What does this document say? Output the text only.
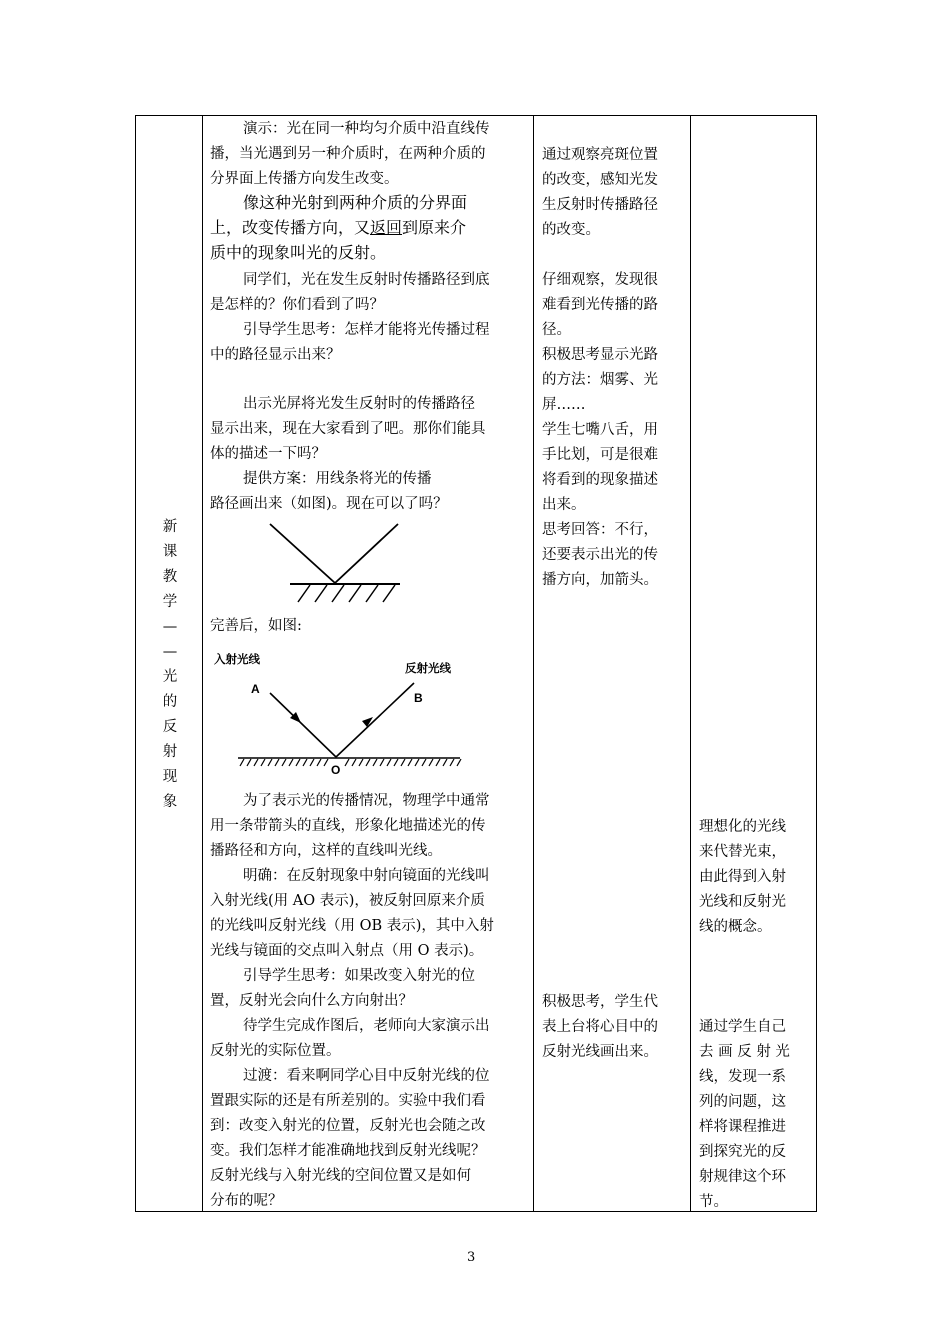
新
课
教
学
—
—
光
的
反
射
现
象
演示：光在同一种均匀介质中沿直线传
播，当光遇到另一种介质时，在两种介质的
分界面上传播方向发生改变。
像这种光射到两种介质的分界面
上，改变传播方向，又返回到原来介
质中的现象叫光的反射。
同学们，光在发生反射时传播路径到底
是怎样的？你们看到了吗？
引导学生思考：怎样才能将光传播过程
中的路径显示出来？
出示光屏将光发生反射时的传播路径
显示出来，现在大家看到了吧。那你们能具
体的描述一下吗？
提供方案：用线条将光的传播
路径画出来（如图)。现在可以了吗？
完善后，如图:
入射光线
反射光线
A
B
O
为了表示光的传播情况，物理学中通常
用一条带箭头的直线，形象化地描述光的传
播路径和方向，这样的直线叫光线。
明确：在反射现象中射向镜面的光线叫
入射光线(用 AO 表示)，被反射回原来介质
的光线叫反射光线（用 OB 表示)，其中入射
光线与镜面的交点叫入射点（用 O 表示)。
引导学生思考：如果改变入射光的位
置，反射光会向什么方向射出？
待学生完成作图后，老师向大家演示出
反射光的实际位置。
过渡：看来啊同学心目中反射光线的位
置跟实际的还是有所差别的。实验中我们看
到：改变入射光的位置，反射光也会随之改
变。我们怎样才能准确地找到反射光线呢？
反射光线与入射光线的空间位置又是如何
分布的呢？
通过观察亮斑位置
的改变，感知光发
生反射时传播路径
的改变。
仔细观察，发现很
难看到光传播的路
径。
积极思考显示光路
的方法：烟雾、光
屏……
学生七嘴八舌，用
手比划，可是很难
将看到的现象描述
出来。
思考回答：不行，
还要表示出光的传
播方向，加箭头。
积极思考，学生代
表上台将心目中的
反射光线画出来。
理想化的光线
来代替光束，
由此得到入射
光线和反射光
线的概念。
通过学生自己
去 画 反 射 光
线，发现一系
列的问题，这
样将课程推进
到探究光的反
射规律这个环
节。
3
